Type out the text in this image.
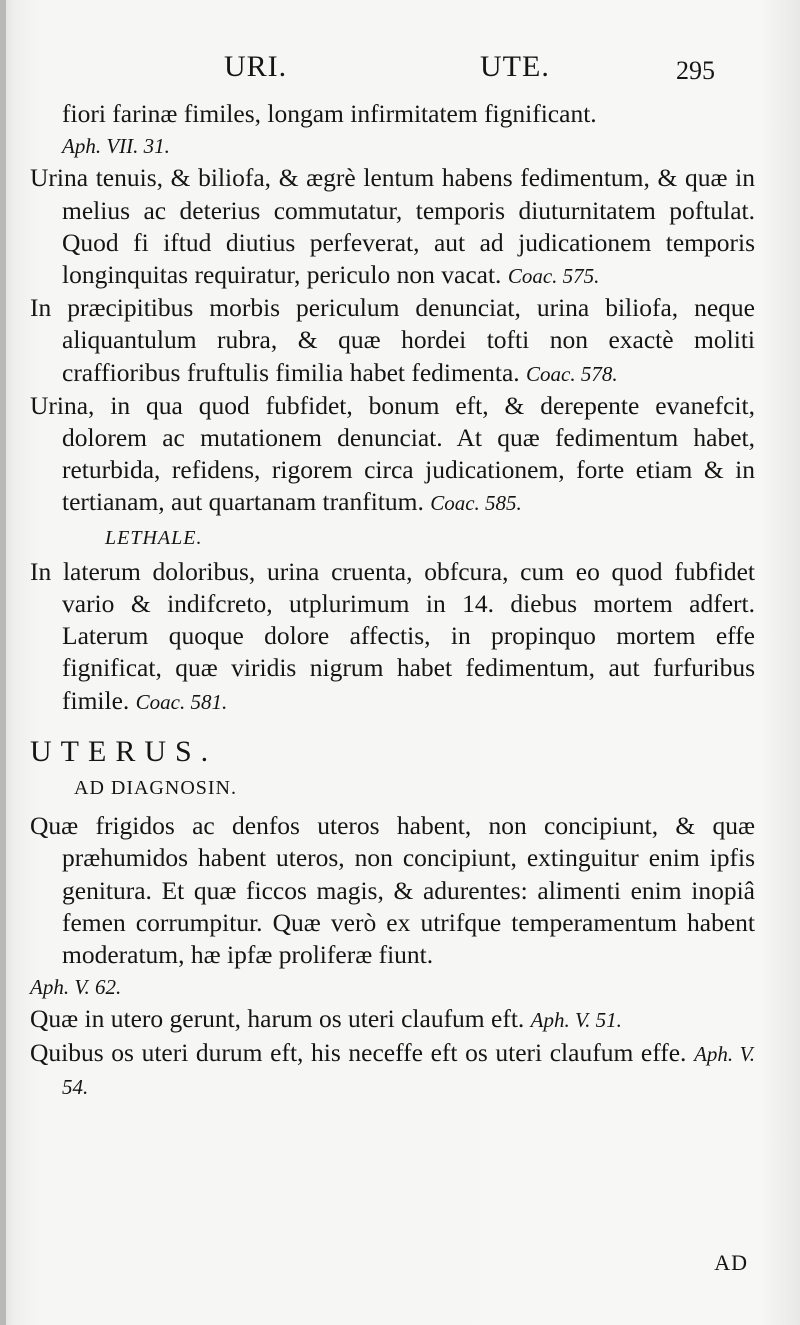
URI.	UTE.	295

fiori farinæ fimiles, longam infirmitatem fignificant.
Aph. VII. 31.

Urina tenuis, & biliofa, & ægrè lentum habens fedimentum, & quæ in melius ac deterius commutatur, temporis diuturnitatem poftulat. Quod fi iftud diutius perfeverat, aut ad judicationem temporis longinquitas requiratur, periculo non vacat. Coac. 575.

In præcipitibus morbis periculum denunciat, urina biliofa, neque aliquantulum rubra, & quæ hordei tofti non exactè moliti craffioribus fruftulis fimilia habet fedimenta. Coac. 578.

Urina, in qua quod fubfidet, bonum eft, & derepente evanefcit, dolorem ac mutationem denunciat. At quæ fedimentum habet, returbida, refidens, rigorem circa judicationem, forte etiam & in tertianam, aut quartanam tranfitum. Coac. 585.

LETHALE.

In laterum doloribus, urina cruenta, obfcura, cum eo quod fubfidet vario & indifcreto, utplurimum in 14. diebus mortem adfert. Laterum quoque dolore affectis, in propinquo mortem effe fignificat, quæ viridis nigrum habet fedimentum, aut furfuribus fimile. Coac. 581.

UTERUS.
AD DIAGNOSIN.

Quæ frigidos ac denfos uteros habent, non concipiunt, & quæ præhumidos habent uteros, non concipiunt, extinguitur enim ipfis genitura. Et quæ ficcos magis, & adurentes: alimenti enim inopiâ femen corrumpitur. Quæ verò ex utrifque temperamentum habent moderatum, hæ ipfæ proliferæ fiunt.
Aph. V. 62.

Quæ in utero gerunt, harum os uteri claufum eft. Aph. V. 51.

Quibus os uteri durum eft, his neceffe eft os uteri claufum effe. Aph. V. 54.

AD
